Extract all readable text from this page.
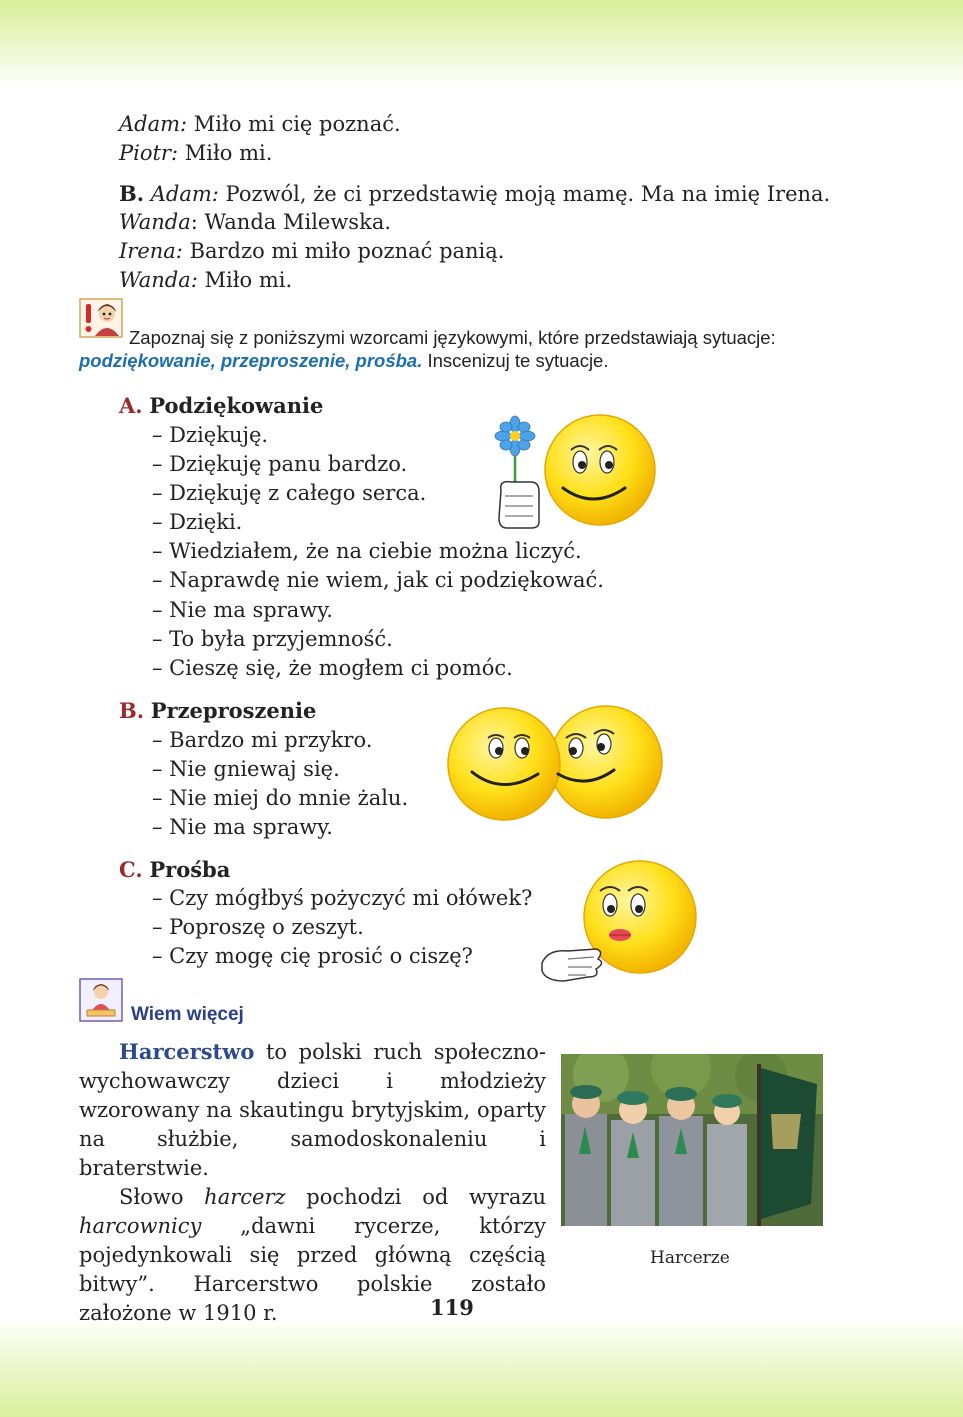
Adam: Miło mi cię poznać.
Piotr: Miło mi.
B. Adam: Pozwól, że ci przedstawię moją mamę. Ma na imię Irena.
Wanda: Wanda Milewska.
Irena: Bardzo mi miło poznać panią.
Wanda: Miło mi.
Zapoznaj się z poniższymi wzorcami językowymi, które przedstawiają sytuacje:
podziękowanie, przeproszenie, prośba. Inscenizuj te sytuacje.
A. Podziękowanie
– Dziękuję.
– Dziękuję panu bardzo.
– Dziękuję z całego serca.
– Dzięki.
– Wiedziałem, że na ciebie można liczyć.
– Naprawdę nie wiem, jak ci podziękować.
– Nie ma sprawy.
– To była przyjemność.
– Cieszę się, że mogłem ci pomóc.
B. Przeproszenie
– Bardzo mi przykro.
– Nie gniewaj się.
– Nie miej do mnie żalu.
– Nie ma sprawy.
C. Prośba
– Czy mógłbyś pożyczyć mi ołówek?
– Poproszę o zeszyt.
– Czy mogę cię prosić o ciszę?
Wiem więcej
Harcerstwo to polski ruch społeczno-wychowawczy dzieci i młodzieży wzorowany na skautingu brytyjskim, oparty na służbie, samodoskonaleniu i braterstwie.
Słowo harcerz pochodzi od wyrazu harcownicy „dawni rycerze, którzy pojedynkowali się przed główną częścią bitwy”. Harcerstwo polskie zostało założone w 1910 r.
Harcerze
119
